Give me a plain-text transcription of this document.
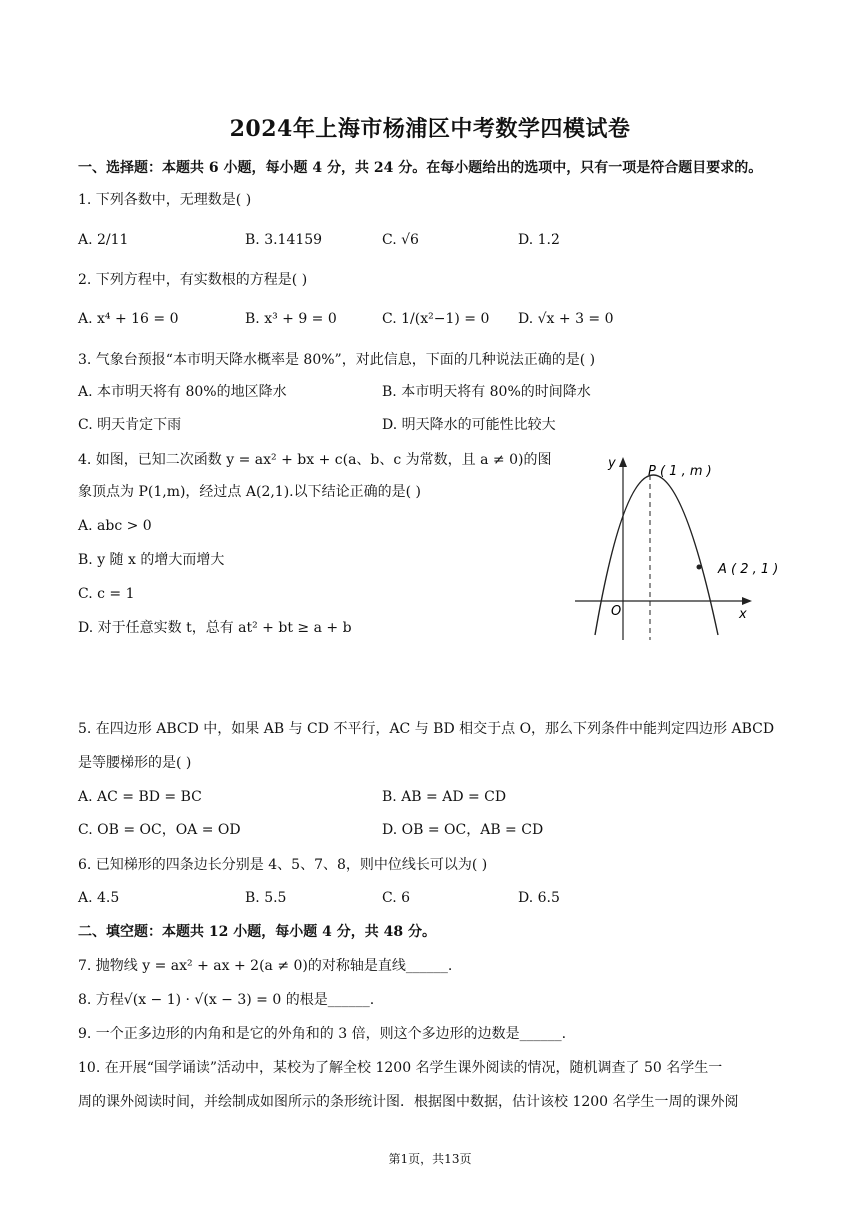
2024年上海市杨浦区中考数学四模试卷
一、选择题：本题共 6 小题，每小题 4 分，共 24 分。在每小题给出的选项中，只有一项是符合题目要求的。
1. 下列各数中，无理数是( )
A. 2/11	B. 3.14159	C. √6	D. 1.2̇
2. 下列方程中，有实数根的方程是( )
A. x⁴ + 16 = 0	B. x³ + 9 = 0	C. 1/(x²−1) = 0 D. √x + 3 = 0
3. 气象台预报“本市明天降水概率是 80%”，对此信息，下面的几种说法正确的是( )
A. 本市明天将有 80%的地区降水	B. 本市明天将有 80%的时间降水
C. 明天肯定下雨	D. 明天降水的可能性比较大
4. 如图，已知二次函数 y = ax² + bx + c(a、b、c 为常数，且 a ≠ 0)的图
象顶点为 P(1,m)，经过点 A(2,1).以下结论正确的是( )
A. abc > 0
B. y 随 x 的增大而增大
C. c = 1
D. 对于任意实数 t，总有 at² + bt ≥ a + b
y
x
O
P ( 1 , m )
A ( 2 , 1 )
5. 在四边形 ABCD 中，如果 AB 与 CD 不平行，AC 与 BD 相交于点 O，那么下列条件中能判定四边形 ABCD
是等腰梯形的是( )
A. AC = BD = BC	B. AB = AD = CD
C. OB = OC，OA = OD	D. OB = OC，AB = CD
6. 已知梯形的四条边长分别是 4、5、7、8，则中位线长可以为( )
A. 4.5	B. 5.5	C. 6	D. 6.5
二、填空题：本题共 12 小题，每小题 4 分，共 48 分。
7. 抛物线 y = ax² + ax + 2(a ≠ 0)的对称轴是直线______.
8. 方程√(x − 1) · √(x − 3) = 0 的根是______.
9. 一个正多边形的内角和是它的外角和的 3 倍，则这个多边形的边数是______.
10. 在开展“国学诵读”活动中，某校为了解全校 1200 名学生课外阅读的情况，随机调查了 50 名学生一
周的课外阅读时间，并绘制成如图所示的条形统计图．根据图中数据，估计该校 1200 名学生一周的课外阅
第1页，共13页
